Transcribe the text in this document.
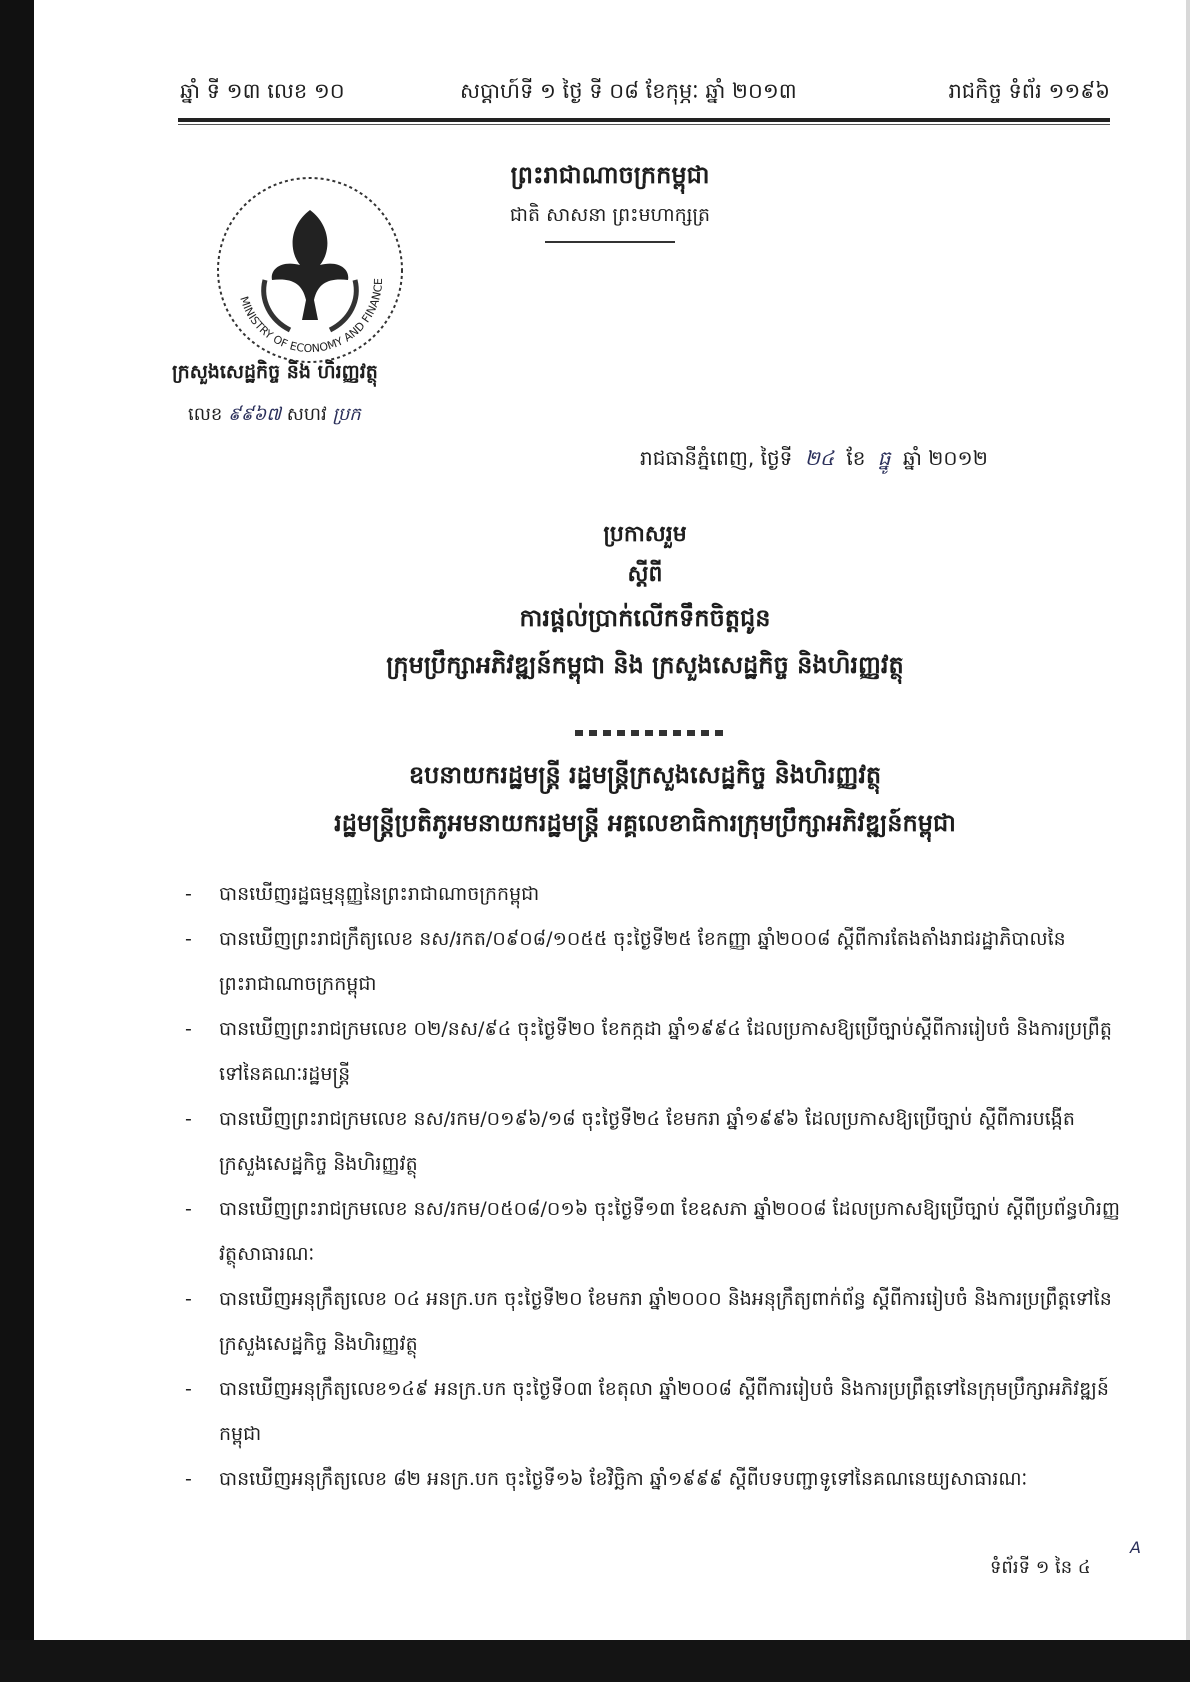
ឆ្នាំ ទី ១៣ លេខ ១០	សប្តាហ៍ទី ១ ថ្ងៃ ទី ០៨ ខែកុម្ភៈ ឆ្នាំ ២០១៣	រាជកិច្ច ទំព័រ ១១៩៦
ព្រះរាជាណាចក្រកម្ពុជា
ជាតិ សាសនា ព្រះមហាក្សត្រ
MINISTRY OF ECONOMY AND FINANCE
ក្រសួងសេដ្ឋកិច្ច និង ហិរញ្ញវត្ថុ
លេខ ៩៩៦៧ សហវ ប្រក
រាជធានីភ្នំពេញ, ថ្ងៃទី ២៤ ខែ ធ្នូ ឆ្នាំ ២០១២
ប្រកាសរួម
ស្តីពី
ការផ្តល់ប្រាក់លើកទឹកចិត្តជូន
ក្រុមប្រឹក្សាអភិវឌ្ឍន៍កម្ពុជា និង ក្រសួងសេដ្ឋកិច្ច និងហិរញ្ញវត្ថុ
ឧបនាយករដ្ឋមន្ត្រី រដ្ឋមន្ត្រីក្រសួងសេដ្ឋកិច្ច និងហិរញ្ញវត្ថុ
រដ្ឋមន្ត្រីប្រតិភូអមនាយករដ្ឋមន្ត្រី អគ្គលេខាធិការក្រុមប្រឹក្សាអភិវឌ្ឍន៍កម្ពុជា
- បានឃើញរដ្ឋធម្មនុញ្ញនៃព្រះរាជាណាចក្រកម្ពុជា
- បានឃើញព្រះរាជក្រឹត្យលេខ នស/រកត/០៩០៨/១០៥៥ ចុះថ្ងៃទី២៥ ខែកញ្ញា ឆ្នាំ២០០៨ ស្តីពីការតែងតាំងរាជរដ្ឋាភិបាលនៃព្រះរាជាណាចក្រកម្ពុជា
- បានឃើញព្រះរាជក្រមលេខ ០២/នស/៩៤ ចុះថ្ងៃទី២០ ខែកក្កដា ឆ្នាំ១៩៩៤ ដែលប្រកាសឱ្យប្រើច្បាប់ស្តីពីការរៀបចំ និងការប្រព្រឹត្តទៅនៃគណៈរដ្ឋមន្ត្រី
- បានឃើញព្រះរាជក្រមលេខ នស/រកម/០១៩៦/១៨ ចុះថ្ងៃទី២៤ ខែមករា ឆ្នាំ១៩៩៦ ដែលប្រកាសឱ្យប្រើច្បាប់ ស្តីពីការបង្កើតក្រសួងសេដ្ឋកិច្ច និងហិរញ្ញវត្ថុ
- បានឃើញព្រះរាជក្រមលេខ នស/រកម/០៥០៨/០១៦ ចុះថ្ងៃទី១៣ ខែឧសភា ឆ្នាំ២០០៨ ដែលប្រកាសឱ្យប្រើច្បាប់ ស្តីពីប្រព័ន្ធហិរញ្ញវត្ថុសាធារណៈ
- បានឃើញអនុក្រឹត្យលេខ ០៤ អនក្រ.បក ចុះថ្ងៃទី២០ ខែមករា ឆ្នាំ២០០០ និងអនុក្រឹត្យពាក់ព័ន្ធ ស្តីពីការរៀបចំ និងការប្រព្រឹត្តទៅនៃក្រសួងសេដ្ឋកិច្ច និងហិរញ្ញវត្ថុ
- បានឃើញអនុក្រឹត្យលេខ១៤៩ អនក្រ.បក ចុះថ្ងៃទី០៣ ខែតុលា ឆ្នាំ២០០៨ ស្តីពីការរៀបចំ និងការប្រព្រឹត្តទៅនៃក្រុមប្រឹក្សាអភិវឌ្ឍន៍កម្ពុជា
- បានឃើញអនុក្រឹត្យលេខ ៨២ អនក្រ.បក ចុះថ្ងៃទី១៦ ខែវិច្ឆិកា ឆ្នាំ១៩៩៩ ស្តីពីបទបញ្ជាទូទៅនៃគណនេយ្យសាធារណៈ
ទំព័រទី ១ នៃ ៤
A
